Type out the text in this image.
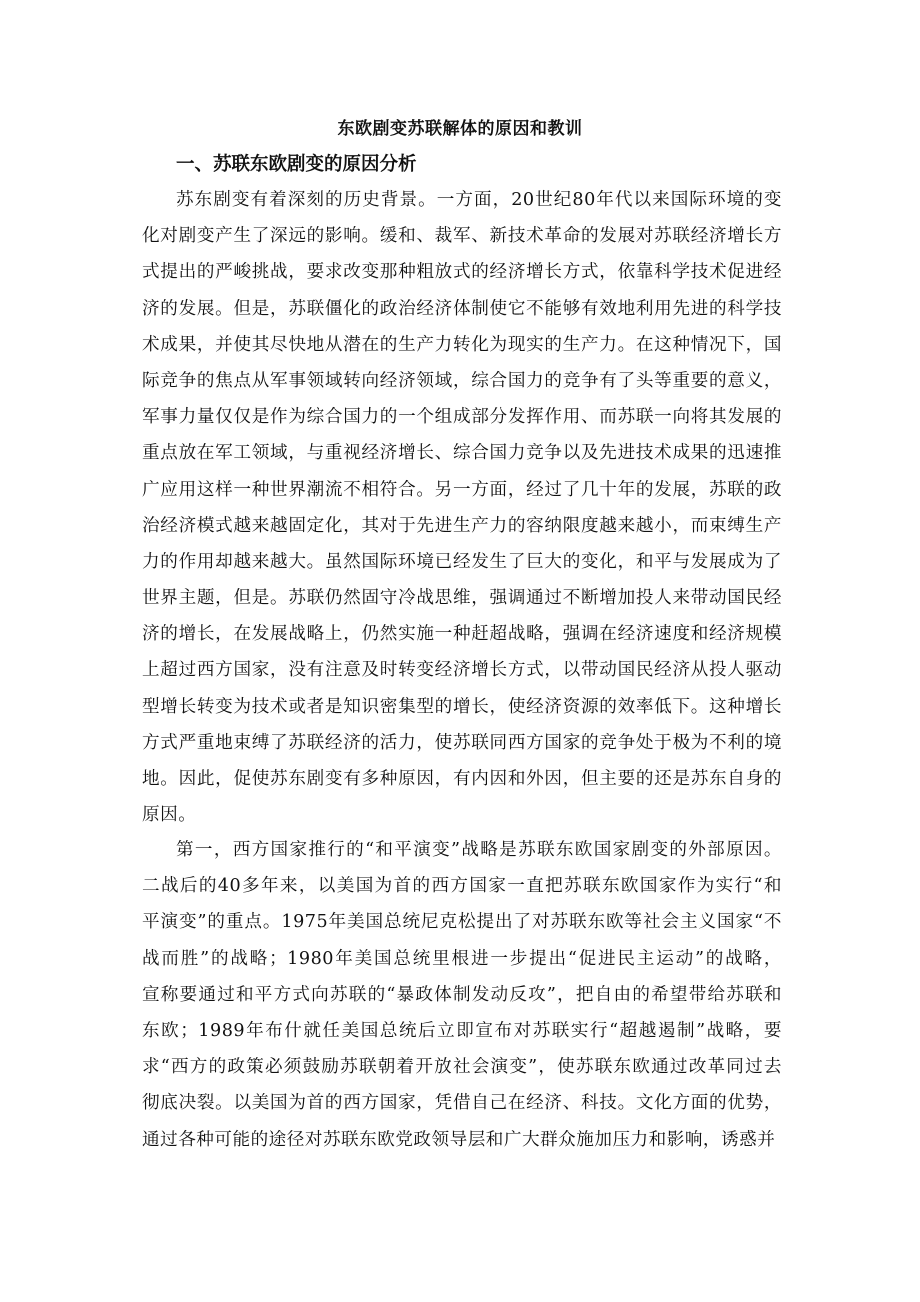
东欧剧变苏联解体的原因和教训
一、苏联东欧剧变的原因分析
苏东剧变有着深刻的历史背景。一方面，20世纪80年代以来国际环境的变
化对剧变产生了深远的影响。缓和、裁军、新技术革命的发展对苏联经济增长方
式提出的严峻挑战，要求改变那种粗放式的经济增长方式，依靠科学技术促进经
济的发展。但是，苏联僵化的政治经济体制使它不能够有效地利用先进的科学技
术成果，并使其尽快地从潜在的生产力转化为现实的生产力。在这种情况下，国
际竞争的焦点从军事领域转向经济领域，综合国力的竞争有了头等重要的意义，
军事力量仅仅是作为综合国力的一个组成部分发挥作用、而苏联一向将其发展的
重点放在军工领域，与重视经济增长、综合国力竞争以及先进技术成果的迅速推
广应用这样一种世界潮流不相符合。另一方面，经过了几十年的发展，苏联的政
治经济模式越来越固定化，其对于先进生产力的容纳限度越来越小，而束缚生产
力的作用却越来越大。虽然国际环境已经发生了巨大的变化，和平与发展成为了
世界主题，但是。苏联仍然固守冷战思维，强调通过不断增加投人来带动国民经
济的增长，在发展战略上，仍然实施一种赶超战略，强调在经济速度和经济规模
上超过西方国家，没有注意及时转变经济增长方式，以带动国民经济从投人驱动
型增长转变为技术或者是知识密集型的增长，使经济资源的效率低下。这种增长
方式严重地束缚了苏联经济的活力，使苏联同西方国家的竞争处于极为不利的境
地。因此，促使苏东剧变有多种原因，有内因和外因，但主要的还是苏东自身的
原因。
第一，西方国家推行的“和平演变”战略是苏联东欧国家剧变的外部原因。
二战后的40多年来，以美国为首的西方国家一直把苏联东欧国家作为实行“和
平演变”的重点。1975年美国总统尼克松提出了对苏联东欧等社会主义国家“不
战而胜”的战略；1980年美国总统里根进一步提出“促进民主运动”的战略，
宣称要通过和平方式向苏联的“暴政体制发动反攻”，把自由的希望带给苏联和
东欧；1989年布什就任美国总统后立即宣布对苏联实行“超越遏制”战略，要
求“西方的政策必须鼓励苏联朝着开放社会演变”，使苏联东欧通过改革同过去
彻底决裂。以美国为首的西方国家，凭借自己在经济、科技。文化方面的优势，
通过各种可能的途径对苏联东欧党政领导层和广大群众施加压力和影响，诱惑并
